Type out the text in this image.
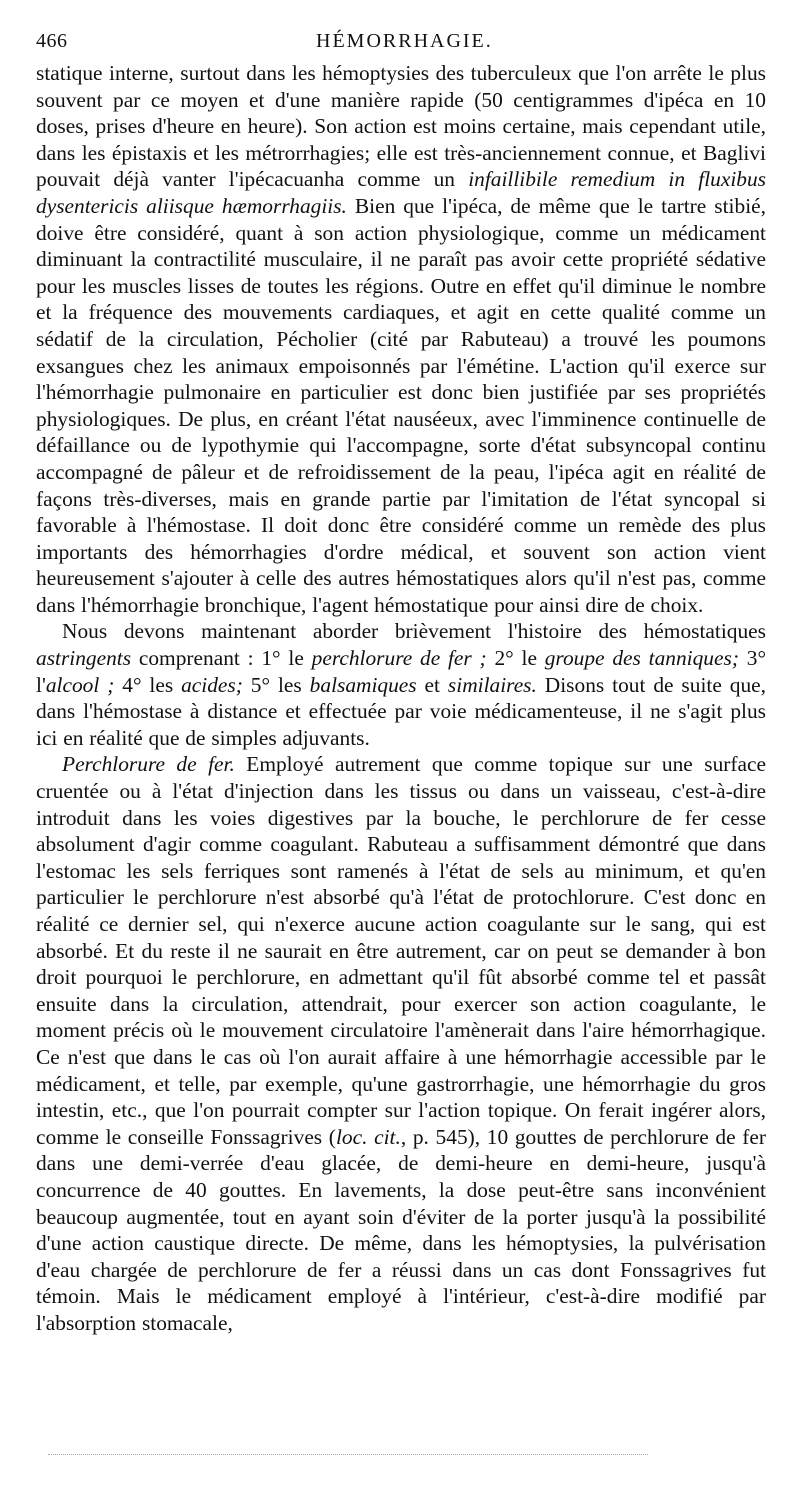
466	HÉMORRHAGIE.

statique interne, surtout dans les hémoptysies des tuberculeux que l'on arrête le plus souvent par ce moyen et d'une manière rapide (50 centigrammes d'ipéca en 10 doses, prises d'heure en heure). Son action est moins certaine, mais cependant utile, dans les épistaxis et les métrorrhagies; elle est très-anciennement connue, et Baglivi pouvait déjà vanter l'ipécacuanha comme un infaillibile remedium in fluxibus dysentericis aliisque hæmorrhagiis. Bien que l'ipéca, de même que le tartre stibié, doive être considéré, quant à son action physiologique, comme un médicament diminuant la contractilité musculaire, il ne paraît pas avoir cette propriété sédative pour les muscles lisses de toutes les régions. Outre en effet qu'il diminue le nombre et la fréquence des mouvements cardiaques, et agit en cette qualité comme un sédatif de la circulation, Pécholier (cité par Rabuteau) a trouvé les poumons exsangues chez les animaux empoisonnés par l'émétine. L'action qu'il exerce sur l'hémorrhagie pulmonaire en particulier est donc bien justifiée par ses propriétés physiologiques. De plus, en créant l'état nauséeux, avec l'imminence continuelle de défaillance ou de lypothymie qui l'accompagne, sorte d'état subsyncopal continu accompagné de pâleur et de refroidissement de la peau, l'ipéca agit en réalité de façons très-diverses, mais en grande partie par l'imitation de l'état syncopal si favorable à l'hémostase. Il doit donc être considéré comme un remède des plus importants des hémorrhagies d'ordre médical, et souvent son action vient heureusement s'ajouter à celle des autres hémostatiques alors qu'il n'est pas, comme dans l'hémorrhagie bronchique, l'agent hémostatique pour ainsi dire de choix.

Nous devons maintenant aborder brièvement l'histoire des hémostatiques astringents comprenant : 1° le perchlorure de fer ; 2° le groupe des tanniques; 3° l'alcool ; 4° les acides; 5° les balsamiques et similaires. Disons tout de suite que, dans l'hémostase à distance et effectuée par voie médicamenteuse, il ne s'agit plus ici en réalité que de simples adjuvants.

Perchlorure de fer. Employé autrement que comme topique sur une surface cruentée ou à l'état d'injection dans les tissus ou dans un vaisseau, c'est-à-dire introduit dans les voies digestives par la bouche, le perchlorure de fer cesse absolument d'agir comme coagulant. Rabuteau a suffisamment démontré que dans l'estomac les sels ferriques sont ramenés à l'état de sels au minimum, et qu'en particulier le perchlorure n'est absorbé qu'à l'état de protochlorure. C'est donc en réalité ce dernier sel, qui n'exerce aucune action coagulante sur le sang, qui est absorbé. Et du reste il ne saurait en être autrement, car on peut se demander à bon droit pourquoi le perchlorure, en admettant qu'il fût absorbé comme tel et passât ensuite dans la circulation, attendrait, pour exercer son action coagulante, le moment précis où le mouvement circulatoire l'amènerait dans l'aire hémorrhagique. Ce n'est que dans le cas où l'on aurait affaire à une hémorrhagie accessible par le médicament, et telle, par exemple, qu'une gastrorrhagie, une hémorrhagie du gros intestin, etc., que l'on pourrait compter sur l'action topique. On ferait ingérer alors, comme le conseille Fonssagrives (loc. cit., p. 545), 10 gouttes de perchlorure de fer dans une demi-verrée d'eau glacée, de demi-heure en demi-heure, jusqu'à concurrence de 40 gouttes. En lavements, la dose peut-être sans inconvénient beaucoup augmentée, tout en ayant soin d'éviter de la porter jusqu'à la possibilité d'une action caustique directe. De même, dans les hémoptysies, la pulvérisation d'eau chargée de perchlorure de fer a réussi dans un cas dont Fonssagrives fut témoin. Mais le médicament employé à l'intérieur, c'est-à-dire modifié par l'absorption stomacale,
